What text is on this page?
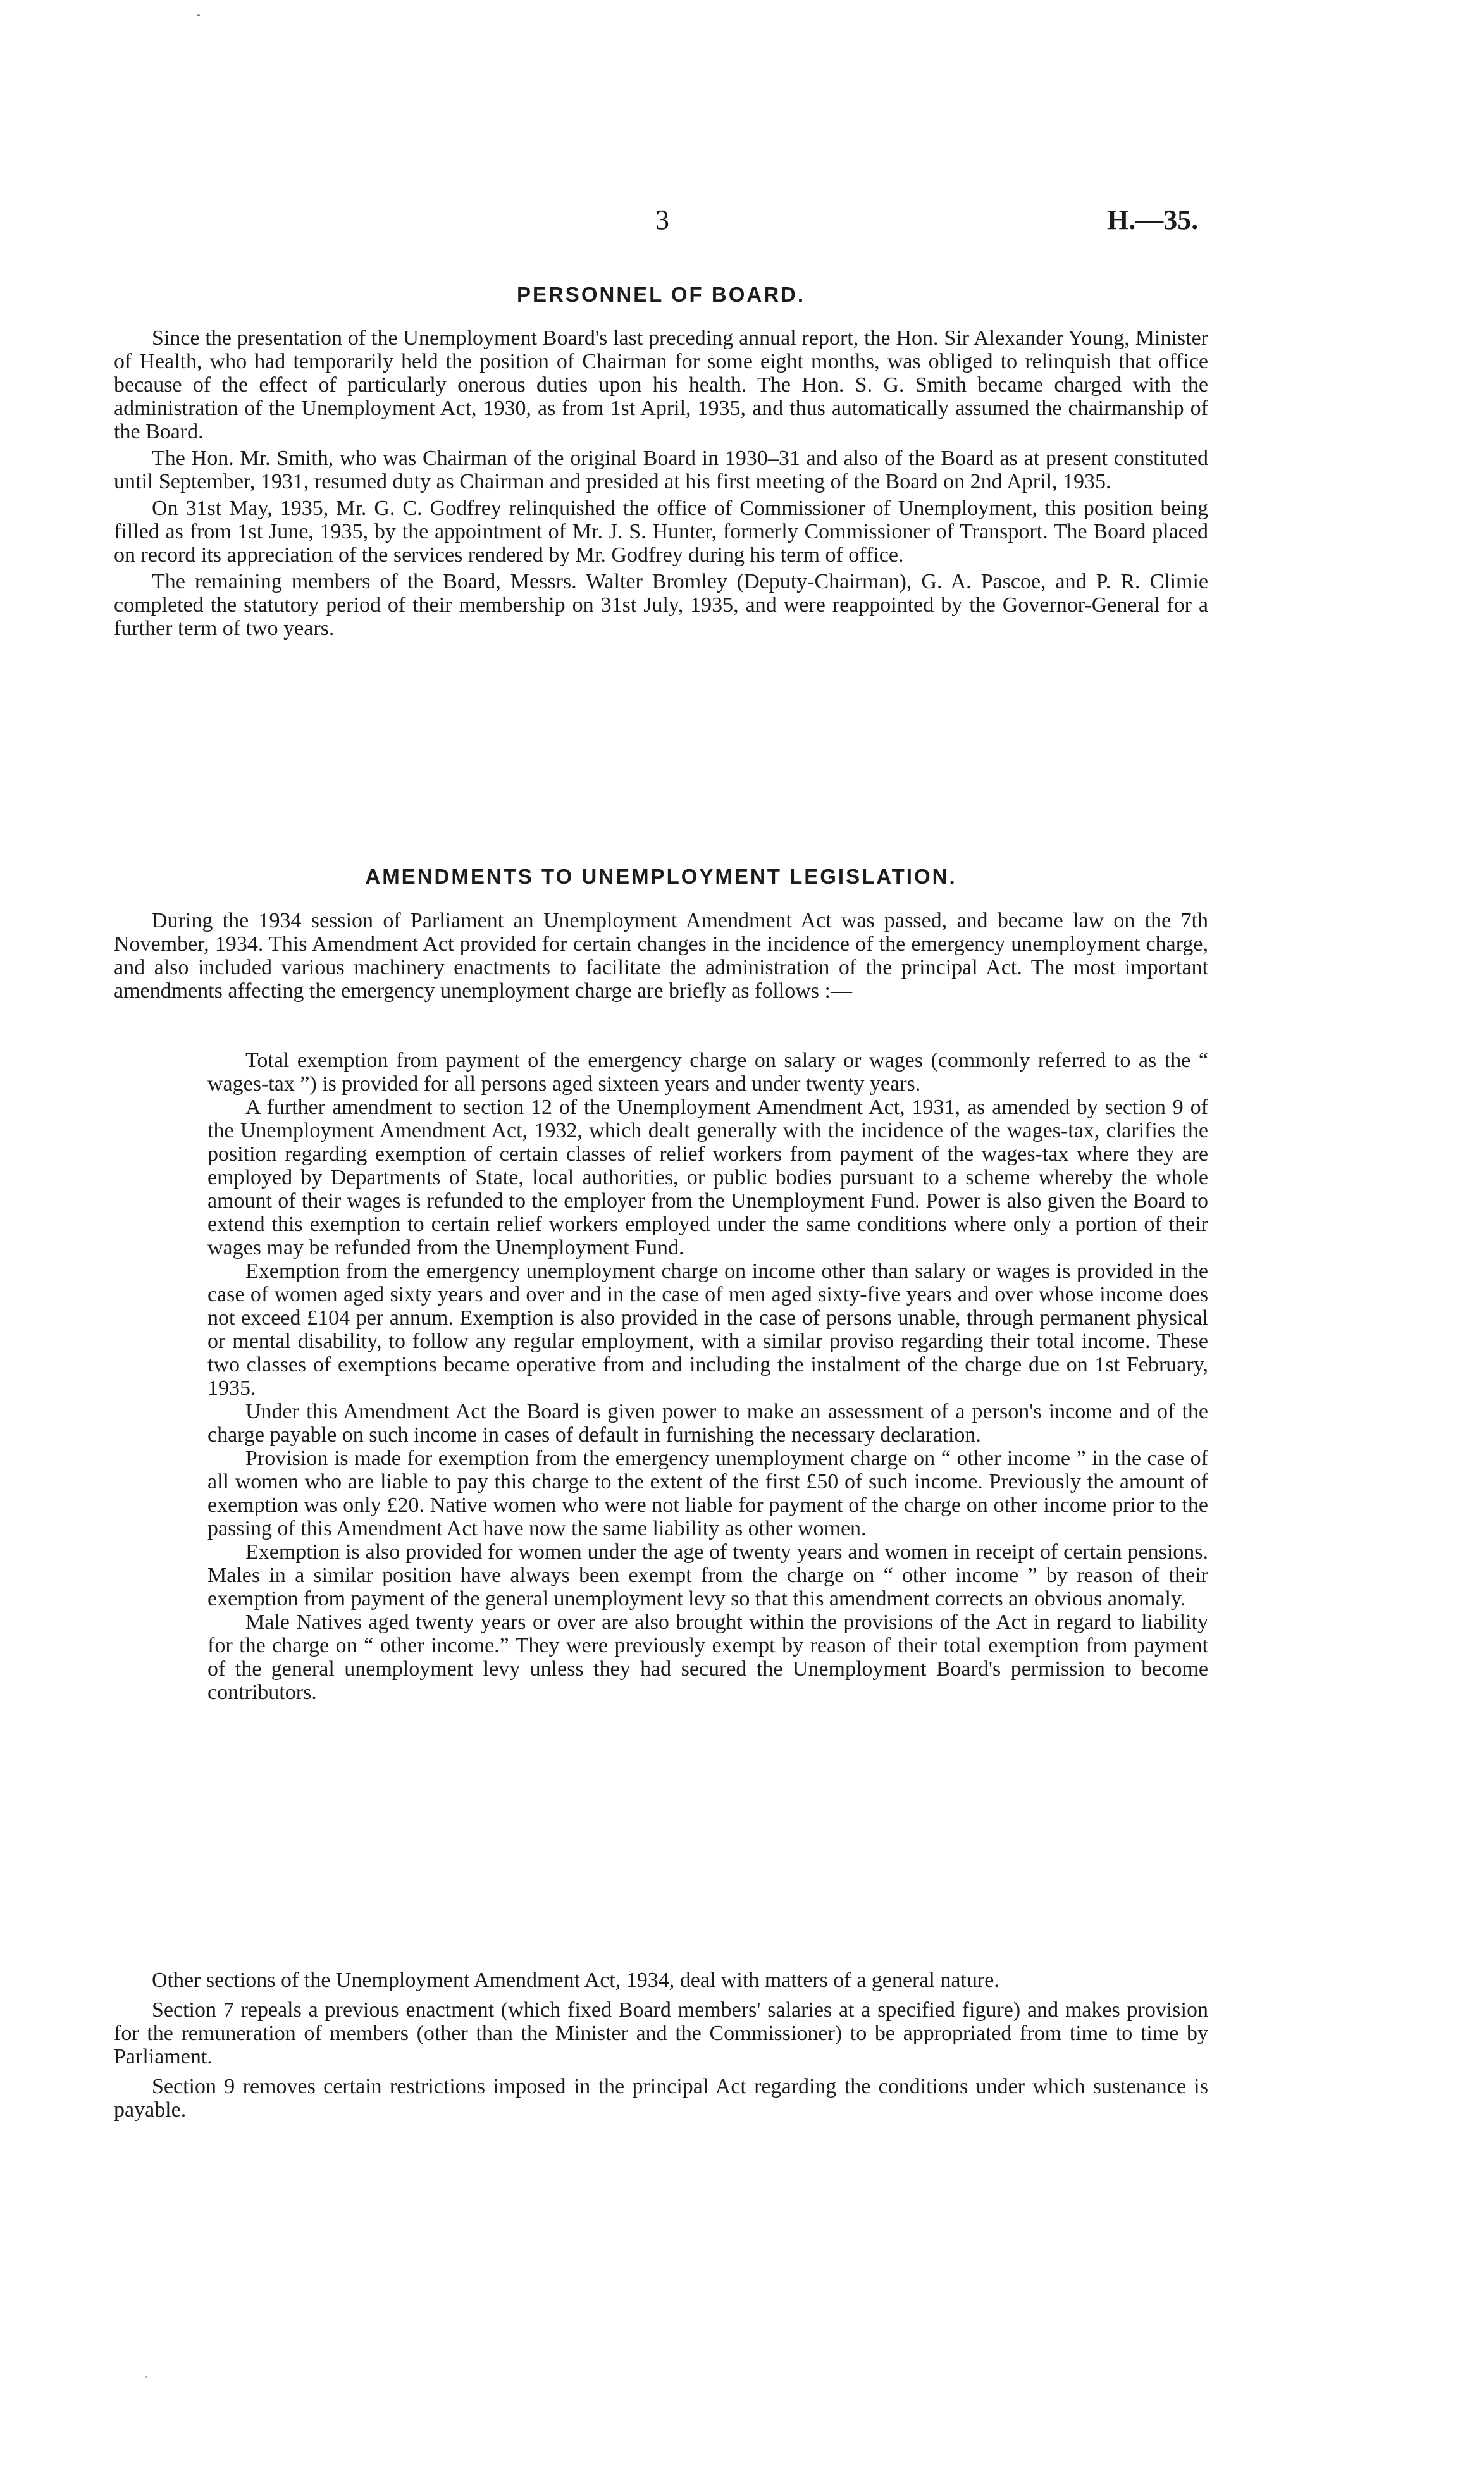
3	H.—35.
PERSONNEL OF BOARD.

Since the presentation of the Unemployment Board's last preceding annual report, the Hon. Sir Alexander Young, Minister of Health, who had temporarily held the position of Chairman for some eight months, was obliged to relinquish that office because of the effect of particularly onerous duties upon his health. The Hon. S. G. Smith became charged with the administration of the Unemployment Act, 1930, as from 1st April, 1935, and thus automatically assumed the chairmanship of the Board.

The Hon. Mr. Smith, who was Chairman of the original Board in 1930–31 and also of the Board as at present constituted until September, 1931, resumed duty as Chairman and presided at his first meeting of the Board on 2nd April, 1935.

On 31st May, 1935, Mr. G. C. Godfrey relinquished the office of Commissioner of Unemployment, this position being filled as from 1st June, 1935, by the appointment of Mr. J. S. Hunter, formerly Commissioner of Transport. The Board placed on record its appreciation of the services rendered by Mr. Godfrey during his term of office.

The remaining members of the Board, Messrs. Walter Bromley (Deputy-Chairman), G. A. Pascoe, and P. R. Climie completed the statutory period of their membership on 31st July, 1935, and were reappointed by the Governor-General for a further term of two years.

AMENDMENTS TO UNEMPLOYMENT LEGISLATION.

During the 1934 session of Parliament an Unemployment Amendment Act was passed, and became law on the 7th November, 1934. This Amendment Act provided for certain changes in the incidence of the emergency unemployment charge, and also included various machinery enactments to facilitate the administration of the principal Act. The most important amendments affecting the emergency unemployment charge are briefly as follows :—

Total exemption from payment of the emergency charge on salary or wages (commonly referred to as the “ wages-tax ”) is provided for all persons aged sixteen years and under twenty years.

A further amendment to section 12 of the Unemployment Amendment Act, 1931, as amended by section 9 of the Unemployment Amendment Act, 1932, which dealt generally with the incidence of the wages-tax, clarifies the position regarding exemption of certain classes of relief workers from payment of the wages-tax where they are employed by Departments of State, local authorities, or public bodies pursuant to a scheme whereby the whole amount of their wages is refunded to the employer from the Unemployment Fund. Power is also given the Board to extend this exemption to certain relief workers employed under the same conditions where only a portion of their wages may be refunded from the Unemployment Fund.

Exemption from the emergency unemployment charge on income other than salary or wages is provided in the case of women aged sixty years and over and in the case of men aged sixty-five years and over whose income does not exceed £104 per annum. Exemption is also provided in the case of persons unable, through permanent physical or mental disability, to follow any regular employment, with a similar proviso regarding their total income. These two classes of exemptions became operative from and including the instalment of the charge due on 1st February, 1935.

Under this Amendment Act the Board is given power to make an assessment of a person's income and of the charge payable on such income in cases of default in furnishing the necessary declaration.

Provision is made for exemption from the emergency unemployment charge on “ other income ” in the case of all women who are liable to pay this charge to the extent of the first £50 of such income. Previously the amount of exemption was only £20. Native women who were not liable for payment of the charge on other income prior to the passing of this Amendment Act have now the same liability as other women.

Exemption is also provided for women under the age of twenty years and women in receipt of certain pensions. Males in a similar position have always been exempt from the charge on “ other income ” by reason of their exemption from payment of the general unemployment levy so that this amendment corrects an obvious anomaly.

Male Natives aged twenty years or over are also brought within the provisions of the Act in regard to liability for the charge on “ other income.” They were previously exempt by reason of their total exemption from payment of the general unemployment levy unless they had secured the Unemployment Board's permission to become contributors.

Other sections of the Unemployment Amendment Act, 1934, deal with matters of a general nature.

Section 7 repeals a previous enactment (which fixed Board members' salaries at a specified figure) and makes provision for the remuneration of members (other than the Minister and the Commissioner) to be appropriated from time to time by Parliament.

Section 9 removes certain restrictions imposed in the principal Act regarding the conditions under which sustenance is payable.
